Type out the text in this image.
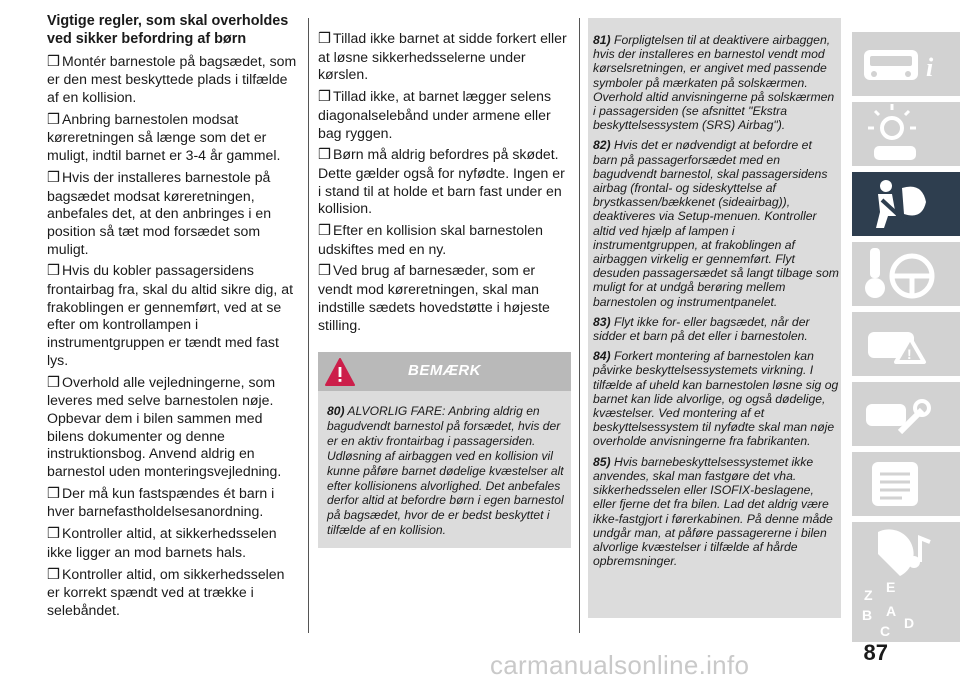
Vigtige regler, som skal overholdes ved sikker befordring af børn

❒ Montér barnestole på bagsædet, som er den mest beskyttede plads i tilfælde af en kollision.

❒ Anbring barnestolen modsat køreretningen så længe som det er muligt, indtil barnet er 3-4 år gammel.

❒ Hvis der installeres barnestole på bagsædet modsat køreretningen, anbefales det, at den anbringes i en position så tæt mod forsædet som muligt.

❒ Hvis du kobler passagersidens frontairbag fra, skal du altid sikre dig, at frakoblingen er gennemført, ved at se efter om kontrollampen i instrumentgruppen er tændt med fast lys.

❒ Overhold alle vejledningerne, som leveres med selve barnestolen nøje. Opbevar dem i bilen sammen med bilens dokumenter og denne instruktionsbog. Anvend aldrig en barnestol uden monteringsvejledning.

❒ Der må kun fastspændes ét barn i hver barnefastholdelsesanordning.

❒ Kontroller altid, at sikkerhedsselen ikke ligger an mod barnets hals.

❒ Kontroller altid, om sikkerhedsselen er korrekt spændt ved at trække i selebåndet.

❒ Tillad ikke barnet at sidde forkert eller at løsne sikkerhedsselerne under kørslen.

❒ Tillad ikke, at barnet lægger selens diagonalselebånd under armene eller bag ryggen.

❒ Børn må aldrig befordres på skødet. Dette gælder også for nyfødte. Ingen er i stand til at holde et barn fast under en kollision.

❒ Efter en kollision skal barnestolen udskiftes med en ny.

❒ Ved brug af barnesæder, som er vendt mod køreretningen, skal man indstille sædets hovedstøtte i højeste stilling.

BEMÆRK
80) ALVORLIG FARE: Anbring aldrig en bagudvendt barnestol på forsædet, hvis der er en aktiv frontairbag i passagersiden. Udløsning af airbaggen ved en kollision vil kunne påføre barnet dødelige kvæstelser alt efter kollisionens alvorlighed. Det anbefales derfor altid at befordre børn i egen barnestol på bagsædet, hvor de er bedst beskyttet i tilfælde af en kollision.

81) Forpligtelsen til at deaktivere airbaggen, hvis der installeres en barnestol vendt mod kørselsretningen, er angivet med passende symboler på mærkaten på solskærmen. Overhold altid anvisningerne på solskærmen i passagersiden (se afsnittet "Ekstra beskyttelsessystem (SRS) Airbag").

82) Hvis det er nødvendigt at befordre et barn på passagerforsædet med en bagudvendt barnestol, skal passagersidens airbag (frontal- og sideskyttelse af brystkassen/bækkenet (sideairbag)), deaktiveres via Setup-menuen. Kontroller altid ved hjælp af lampen i instrumentgruppen, at frakoblingen af airbaggen virkelig er gennemført. Flyt desuden passagersædet så langt tilbage som muligt for at undgå berøring mellem barnestolen og instrumentpanelet.

83) Flyt ikke for- eller bagsædet, når der sidder et barn på det eller i barnestolen.

84) Forkert montering af barnestolen kan påvirke beskyttelsessystemets virkning. I tilfælde af uheld kan barnestolen løsne sig og barnet kan lide alvorlige, og også dødelige, kvæstelser. Ved montering af et beskyttelsessystem til nyfødte skal man nøje overholde anvisningerne fra fabrikanten.

85) Hvis barnebeskyttelsessystemet ikke anvendes, skal man fastgøre det vha. sikkerhedsselen eller ISOFIX-beslagene, eller fjerne det fra bilen. Lad det aldrig være ikke-fastgjort i førerkabinen. På denne måde undgår man, at påføre passagererne i bilen alvorlige kvæstelser i tilfælde af hårde opbremsninger.

i
!
Z E
B
C D
A
87
carmanualsonline.info
